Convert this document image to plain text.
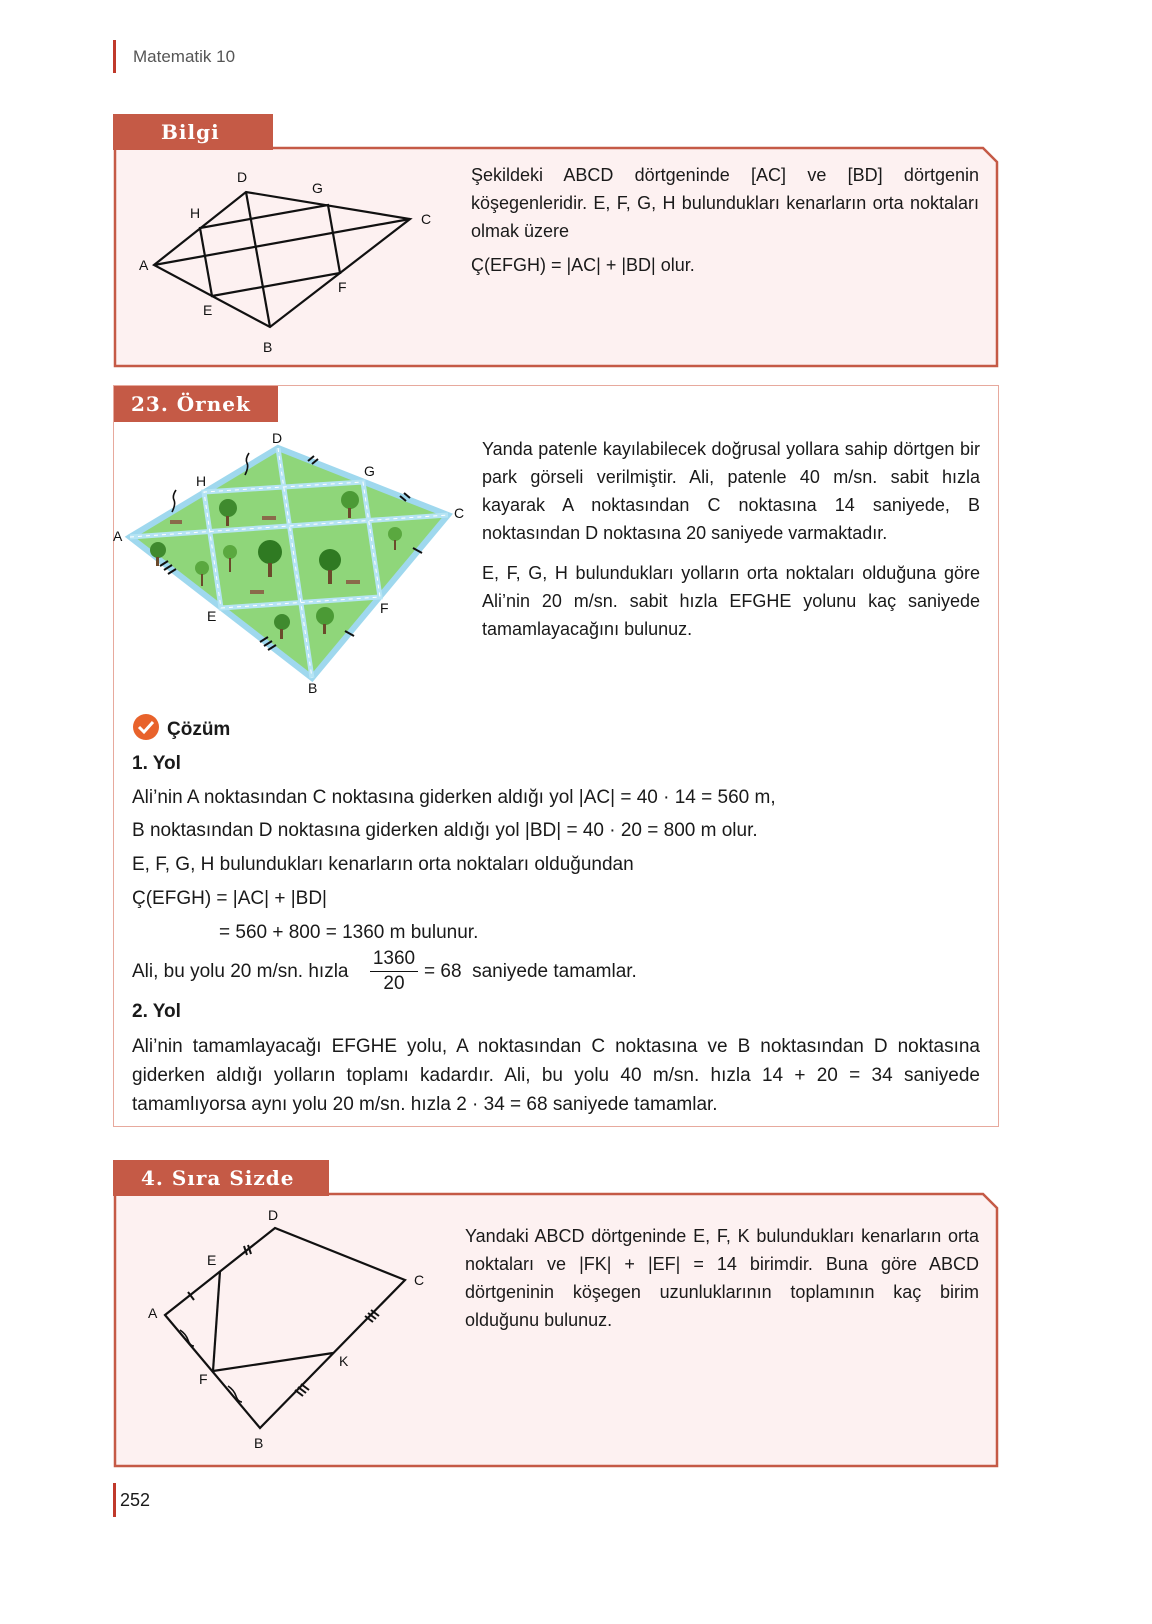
Matematik 10
Bilgi
D
G
H	C
A
F
E
B
Şekildeki ABCD dörtgeninde [AC] ve [BD] dörtgenin köşegenleridir. E, F, G, H bulundukları kenarların orta noktaları olmak üzere
Ç(EFGH) = |AC| + |BD| olur.
23. Örnek
D
G
H
C
A
F
E
B
Yanda patenle kayılabilecek doğrusal yollara sahip dörtgen bir park görseli verilmiştir. Ali, patenle 40 m/sn. sabit hızla kayarak A noktasından C noktasına 14 saniyede, B noktasından D noktasına 20 saniyede varmaktadır.
E, F, G, H bulundukları yolların orta noktaları olduğuna göre Ali’nin 20 m/sn. sabit hızla EFGHE yolunu kaç saniyede tamamlayacağını bulunuz.
Çözüm
1. Yol
Ali’nin A noktasından C noktasına giderken aldığı yol |AC| = 40 · 14 = 560 m,
B noktasından D noktasına giderken aldığı yol |BD| = 40 · 20 = 800 m olur.
E, F, G, H bulundukları kenarların orta noktaları olduğundan
Ç(EFGH) = |AC| + |BD|
= 560 + 800 = 1360 m bulunur.
Ali, bu yolu 20 m/sn. hızla
1360
20
= 68  saniyede tamamlar.
2. Yol
Ali’nin tamamlayacağı EFGHE yolu, A noktasından C noktasına ve B noktasından D noktasına giderken aldığı yolların toplamı kadardır. Ali, bu yolu 40 m/sn. hızla 14 + 20 = 34 saniyede tamamlıyorsa aynı yolu 20 m/sn. hızla 2 · 34 = 68 saniyede tamamlar.
4. Sıra Sizde
D
E
C
A
K
F
B
Yandaki ABCD dörtgeninde E, F, K bulundukları kenarların orta noktaları ve |FK| + |EF| = 14 birimdir. Buna göre ABCD dörtgeninin köşegen uzunluklarının toplamının kaç birim olduğunu bulunuz.
252
